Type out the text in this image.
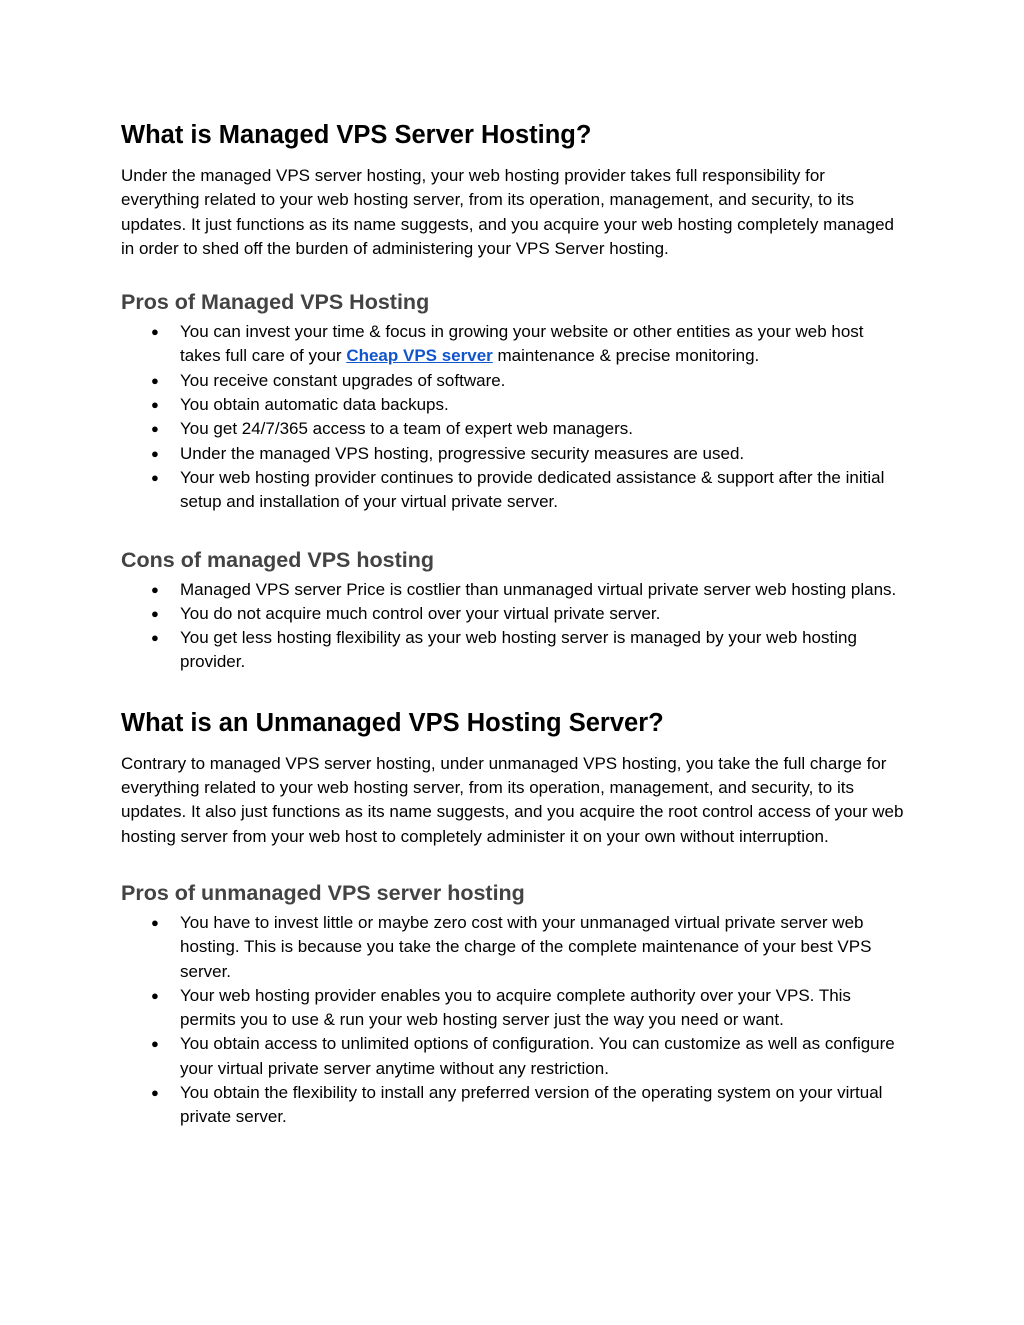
What is Managed VPS Server Hosting?

Under the managed VPS server hosting, your web hosting provider takes full responsibility for everything related to your web hosting server, from its operation, management, and security, to its updates. It just functions as its name suggests, and you acquire your web hosting completely managed in order to shed off the burden of administering your VPS Server hosting.

Pros of Managed VPS Hosting
● You can invest your time & focus in growing your website or other entities as your web host takes full care of your Cheap VPS server maintenance & precise monitoring.
● You receive constant upgrades of software.
● You obtain automatic data backups.
● You get 24/7/365 access to a team of expert web managers.
● Under the managed VPS hosting, progressive security measures are used.
● Your web hosting provider continues to provide dedicated assistance & support after the initial setup and installation of your virtual private server.
Cons of managed VPS hosting
● Managed VPS server Price is costlier than unmanaged virtual private server web hosting plans.
● You do not acquire much control over your virtual private server.
● You get less hosting flexibility as your web hosting server is managed by your web hosting provider.
What is an Unmanaged VPS Hosting Server?

Contrary to managed VPS server hosting, under unmanaged VPS hosting, you take the full charge for everything related to your web hosting server, from its operation, management, and security, to its updates. It also just functions as its name suggests, and you acquire the root control access of your web hosting server from your web host to completely administer it on your own without interruption.

Pros of unmanaged VPS server hosting
● You have to invest little or maybe zero cost with your unmanaged virtual private server web hosting. This is because you take the charge of the complete maintenance of your best VPS server.
● Your web hosting provider enables you to acquire complete authority over your VPS. This permits you to use & run your web hosting server just the way you need or want.
● You obtain access to unlimited options of configuration. You can customize as well as configure your virtual private server anytime without any restriction.
● You obtain the flexibility to install any preferred version of the operating system on your virtual private server.
